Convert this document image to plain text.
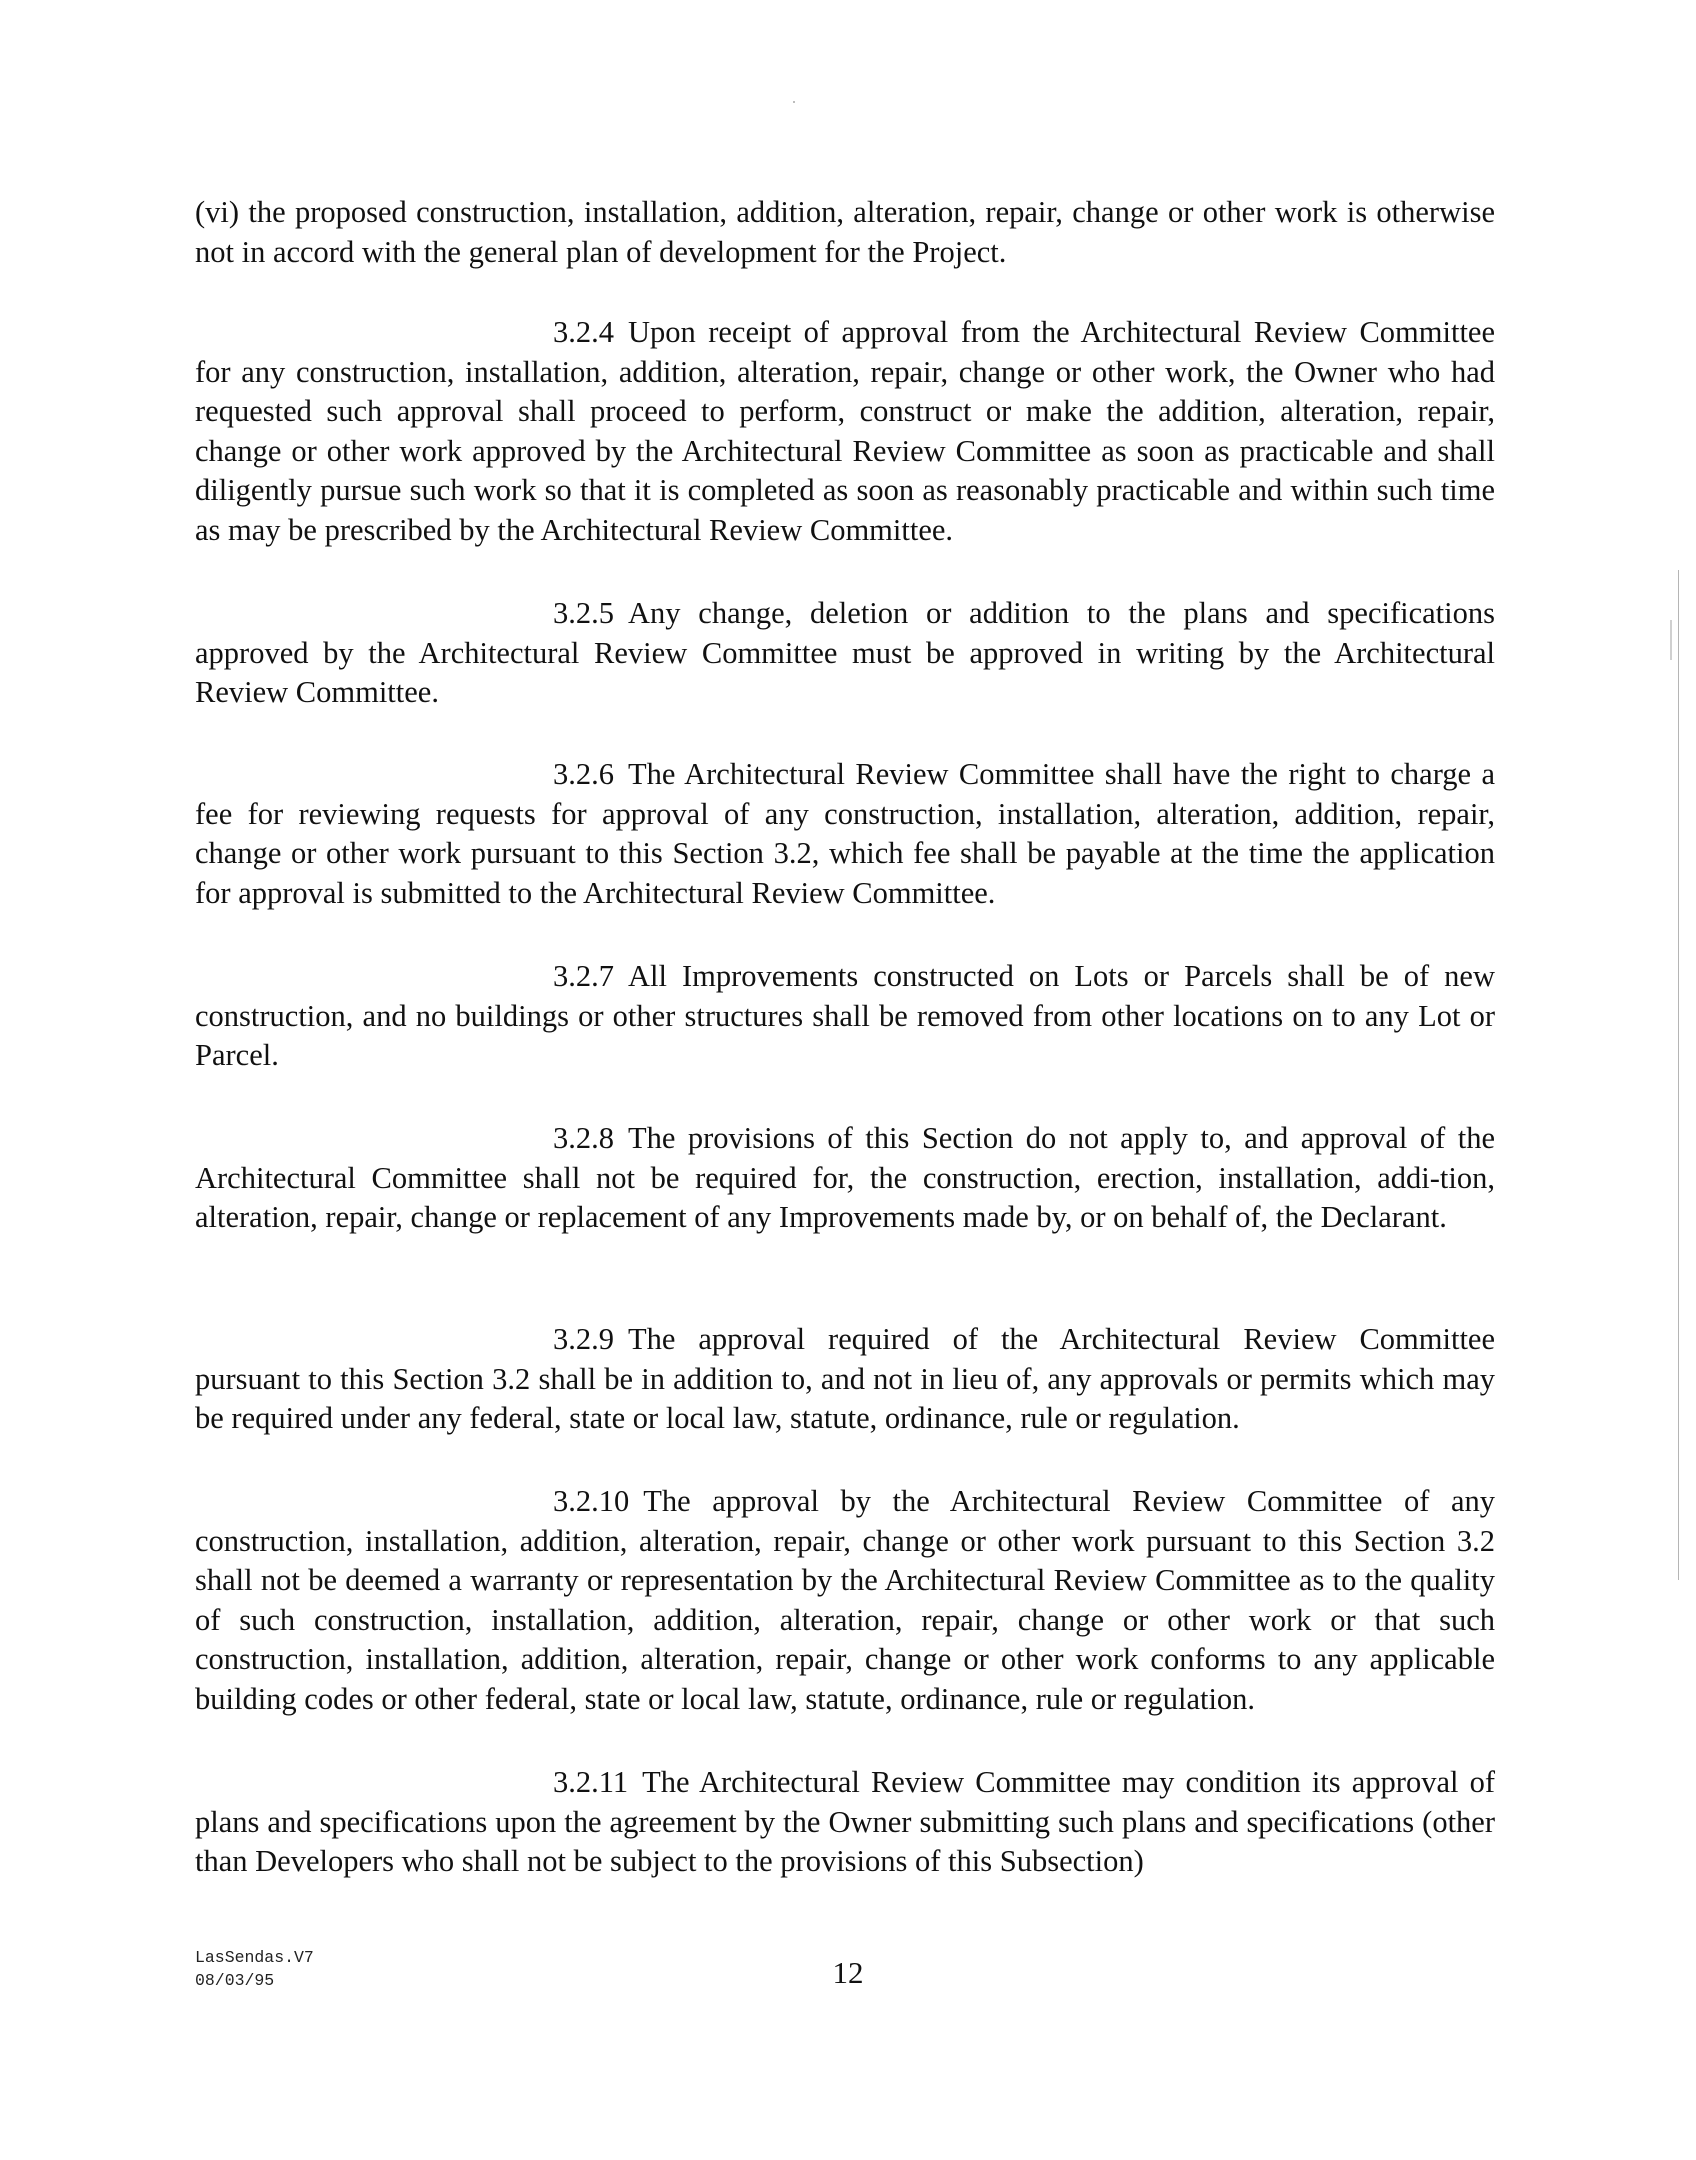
(vi) the proposed construction, installation, addition, alteration, repair, change or other work is otherwise not in accord with the general plan of development for the Project.

3.2.4 Upon receipt of approval from the Architectural Review Committee for any construction, installation, addition, alteration, repair, change or other work, the Owner who had requested such approval shall proceed to perform, construct or make the addition, alteration, repair, change or other work approved by the Architectural Review Committee as soon as practicable and shall diligently pursue such work so that it is completed as soon as reasonably practicable and within such time as may be prescribed by the Architectural Review Committee.

3.2.5 Any change, deletion or addition to the plans and specifications approved by the Architectural Review Committee must be approved in writing by the Architectural Review Committee.

3.2.6 The Architectural Review Committee shall have the right to charge a fee for reviewing requests for approval of any construction, installation, alteration, addition, repair, change or other work pursuant to this Section 3.2, which fee shall be payable at the time the application for approval is submitted to the Architectural Review Committee.

3.2.7 All Improvements constructed on Lots or Parcels shall be of new construction, and no buildings or other structures shall be removed from other locations on to any Lot or Parcel.

3.2.8 The provisions of this Section do not apply to, and approval of the Architectural Committee shall not be required for, the construction, erection, installation, addi-tion, alteration, repair, change or replacement of any Improvements made by, or on behalf of, the Declarant.

3.2.9 The approval required of the Architectural Review Committee pursuant to this Section 3.2 shall be in addition to, and not in lieu of, any approvals or permits which may be required under any federal, state or local law, statute, ordinance, rule or regulation.

3.2.10 The approval by the Architectural Review Committee of any construction, installation, addition, alteration, repair, change or other work pursuant to this Section 3.2 shall not be deemed a warranty or representation by the Architectural Review Committee as to the quality of such construction, installation, addition, alteration, repair, change or other work or that such construction, installation, addition, alteration, repair, change or other work conforms to any applicable building codes or other federal, state or local law, statute, ordinance, rule or regulation.

3.2.11 The Architectural Review Committee may condition its approval of plans and specifications upon the agreement by the Owner submitting such plans and specifications (other than Developers who shall not be subject to the provisions of this Subsection)

LasSendas.V7
08/03/95	12
